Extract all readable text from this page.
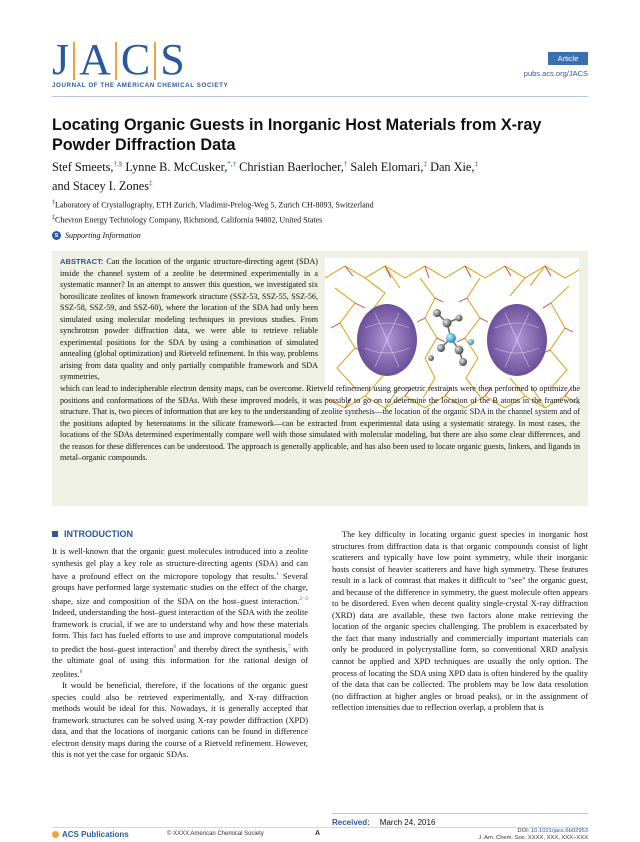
J A C S
JOURNAL OF THE AMERICAN CHEMICAL SOCIETY
Article
pubs.acs.org/JACS
Locating Organic Guests in Inorganic Host Materials from X-ray Powder Diffraction Data
Stef Smeets,†,§ Lynne B. McCusker,*,† Christian Baerlocher,† Saleh Elomari,‡ Dan Xie,‡
and Stacey I. Zones‡
†Laboratory of Crystallography, ETH Zurich, Vladimir-Prelog-Weg 5, Zurich CH-8093, Switzerland
‡Chevron Energy Technology Company, Richmond, California 94802, United States
s Supporting Information
ABSTRACT: Can the location of the organic structure-directing agent (SDA) inside the channel system of a zeolite be determined experimentally in a systematic manner? In an attempt to answer this question, we investigated six borosilicate zeolites of known framework structure (SSZ-53, SSZ-55, SSZ-56, SSZ-58, SSZ-59, and SSZ-60), where the location of the SDA had only been simulated using molecular modeling techniques in previous studies. From synchrotron powder diffraction data, we were able to retrieve reliable experimental positions for the SDA by using a combination of simulated annealing (global optimization) and Rietveld refinement. In this way, problems arising from data quality and only partially compatible framework and SDA symmetries,
which can lead to indecipherable electron density maps, can be overcome. Rietveld refinement using geometric restraints were then performed to optimize the positions and conformations of the SDAs. With these improved models, it was possible to go on to determine the location of the B atoms in the framework structure. That is, two pieces of information that are key to the understanding of zeolite synthesis—the location of the organic SDA in the channel system and of the positions adopted by heteroatoms in the silicate framework—can be extracted from experimental data using a systematic strategy. In most cases, the locations of the SDAs determined experimentally compare well with those simulated with molecular modeling, but there are also some clear differences, and the reason for these differences can be understood. The approach is generally applicable, and has also been used to locate organic guests, linkers, and ligands in metal–organic compounds.
INTRODUCTION

It is well-known that the organic guest molecules introduced into a zeolite synthesis gel play a key role as structure-directing agents (SDA) and can have a profound effect on the micropore topology that results.$^1$ Several groups have performed large systematic studies on the effect of the charge, shape, size and composition of the SDA on the host–guest interaction.$^{2-5}$ Indeed, understanding the host–guest interaction of the SDA with the zeolite framework is crucial, if we are to understand why and how these materials form. This fact has fueled efforts to use and improve computational models to predict the host–guest interaction$^6$ and thereby direct the synthesis,$^7$ with the ultimate goal of using this information for the rational design of zeolites.$^8$

It would be beneficial, therefore, if the locations of the organic guest species could also be retrieved experimentally, and X-ray diffraction methods would be ideal for this. Nowadays, it is generally accepted that framework structures can be solved using X-ray powder diffraction (XPD) data, and that the locations of inorganic cations can be found in difference electron density maps during the course of a Rietveld refinement. However, this is not yet the case for organic SDAs.

The key difficulty in locating organic guest species in inorganic host structures from diffraction data is that organic compounds consist of light scatterers and typically have low point symmetry, while their inorganic hosts consist of heavier scatterers and have high symmetry. These features result in a lack of contrast that makes it difficult to "see" the organic guest, and because of the difference in symmetry, the guest molecule often appears to be disordered. Even when decent quality single-crystal X-ray diffraction (XRD) data are available, these two factors alone make retrieving the location of the organic species challenging. The problem is exacerbated by the fact that many industrially and commercially important materials can only be produced in polycrystalline form, so conventional XRD analysis cannot be applied and XPD techniques are usually the only option. The process of locating the SDA using XPD data is often hindered by the quality of the data that can be collected. The problem may be low data resolution (no diffraction at higher angles or broad peaks), or in the assignment of reflection intensities due to reflection overlap, a problem that is

Received: March 24, 2016
ACS Publications	© XXXX American Chemical Society	A	DOI: 10.1021/jacs.6b02953
J. Am. Chem. Soc. XXXX, XXX, XXX−XXX
